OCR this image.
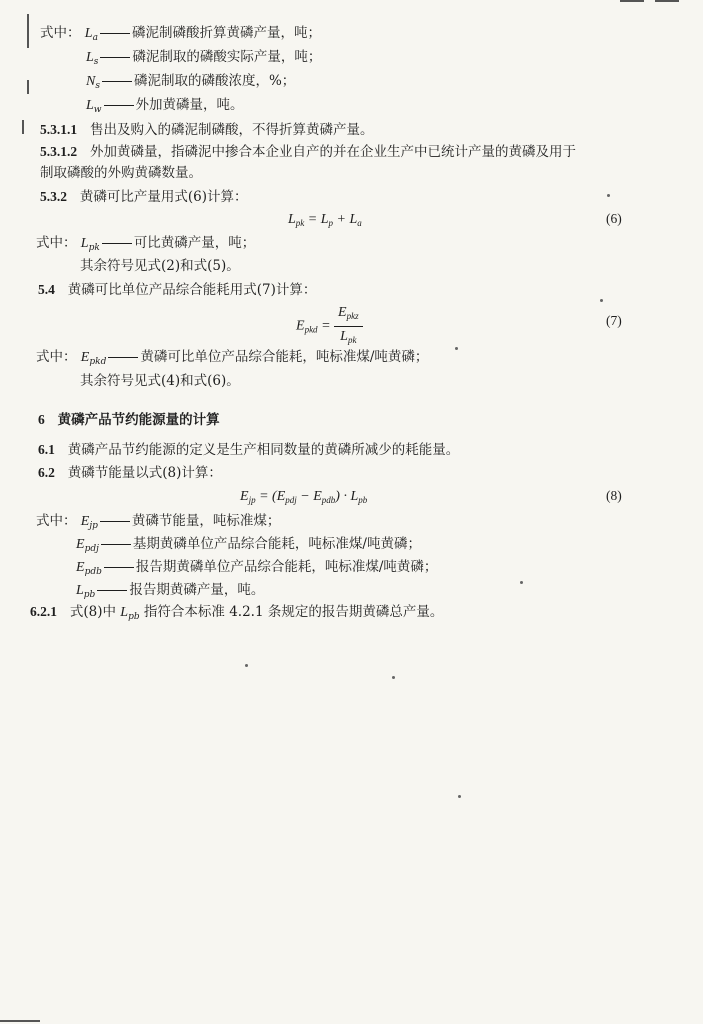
式中： $L_a$	磷泥制磷酸折算黄磷产量，吨；
$L_s$	磷泥制取的磷酸实际产量，吨；
$N_s$	磷泥制取的磷酸浓度，%；
$L_w$	外加黄磷量，吨。
5.3.1.1 售出及购入的磷泥制磷酸，不得折算黄磷产量。
5.3.1.2 外加黄磷量，指磷泥中掺合本企业自产的并在企业生产中已统计产量的黄磷及用于
制取磷酸的外购黄磷数量。
5.3.2 黄磷可比产量用式(6)计算：
$L_{pk} = L_p + L_a$	(6)
式中： $L_{pk}$	可比黄磷产量，吨；
其余符号见式(2)和式(5)。
5.4 黄磷可比单位产品综合能耗用式(7)计算：
$E_{pkd} = \frac{E_{pkz}}{L_{pk}}$	(7)
式中： $E_{pkd}$	黄磷可比单位产品综合能耗，吨标准煤/吨黄磷；
其余符号见式(4)和式(6)。
6 黄磷产品节约能源量的计算
6.1 黄磷产品节约能源的定义是生产相同数量的黄磷所减少的耗能量。
6.2 黄磷节能量以式(8)计算：
$E_{jp} = (E_{pdj} - E_{pdb}) \cdot L_{pb}$	(8)
式中： $E_{jp}$	黄磷节能量，吨标准煤；
$E_{pdj}$	基期黄磷单位产品综合能耗，吨标准煤/吨黄磷；
$E_{pdb}$	报告期黄磷单位产品综合能耗，吨标准煤/吨黄磷；
$L_{pb}$	报告期黄磷产量，吨。
6.2.1 式(8)中 $L_{pb}$ 指符合本标准 4.2.1 条规定的报告期黄磷总产量。
